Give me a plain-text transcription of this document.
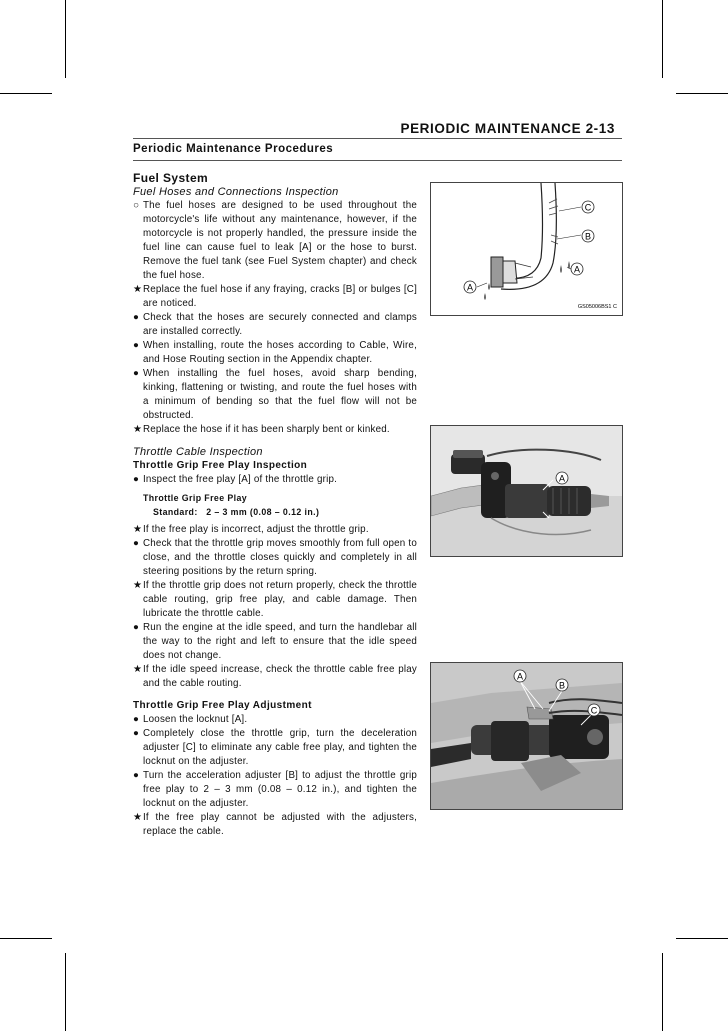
PERIODIC MAINTENANCE 2-13
Periodic Maintenance Procedures
Fuel System
Fuel Hoses and Connections Inspection
○ The fuel hoses are designed to be used throughout the motorcycle's life without any maintenance, however, if the motorcycle is not properly handled, the pressure inside the fuel line can cause fuel to leak [A] or the hose to burst. Remove the fuel tank (see Fuel System chapter) and check the fuel hose.
★ Replace the fuel hose if any fraying, cracks [B] or bulges [C] are noticed.
● Check that the hoses are securely connected and clamps are installed correctly.
● When installing, route the hoses according to Cable, Wire, and Hose Routing section in the Appendix chapter.
● When installing the fuel hoses, avoid sharp bending, kinking, flattening or twisting, and route the fuel hoses with a minimum of bending so that the fuel flow will not be obstructed.
★ Replace the hose if it has been sharply bent or kinked.
Throttle Cable Inspection
Throttle Grip Free Play Inspection
● Inspect the free play [A] of the throttle grip.
Throttle Grip Free Play
Standard: 2 – 3 mm (0.08 – 0.12 in.)
★ If the free play is incorrect, adjust the throttle grip.
● Check that the throttle grip moves smoothly from full open to close, and the throttle closes quickly and completely in all steering positions by the return spring.
★ If the throttle grip does not return properly, check the throttle cable routing, grip free play, and cable damage. Then lubricate the throttle cable.
● Run the engine at the idle speed, and turn the handlebar all the way to the right and left to ensure that the idle speed does not change.
★ If the idle speed increase, check the throttle cable free play and the cable routing.
Throttle Grip Free Play Adjustment
● Loosen the locknut [A].
● Completely close the throttle grip, turn the deceleration adjuster [C] to eliminate any cable free play, and tighten the locknut on the adjuster.
● Turn the acceleration adjuster [B] to adjust the throttle grip free play to 2 – 3 mm (0.08 – 0.12 in.), and tighten the locknut on the adjuster.
★ If the free play cannot be adjusted with the adjusters, replace the cable.
C
B
A
A
GS05006BS1 C
A
A
B
C
